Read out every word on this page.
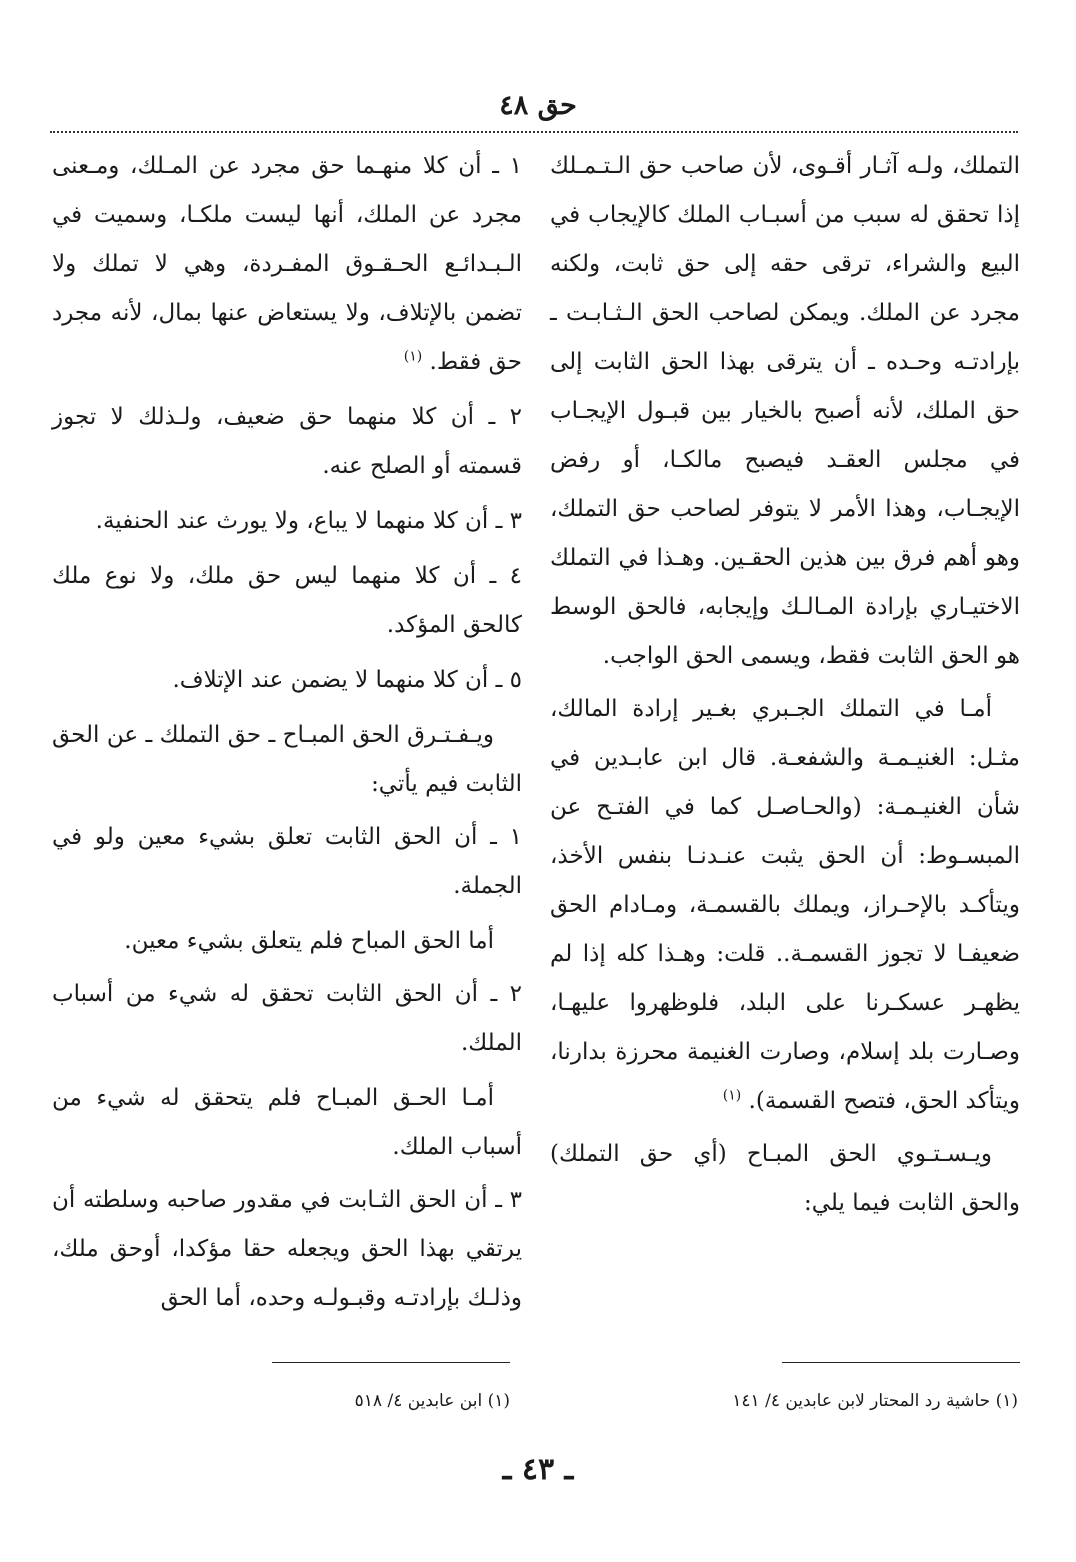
حق ٤٨

التملك، ولـه آثـار أقـوى، لأن صاحب حق الـتـمـلك إذا تحقق له سبب من أسبـاب الملك كالإيجاب في البيع والشراء، ترقى حقه إلى حق ثابت، ولكنه مجرد عن الملك. ويمكن لصاحب الحق الـثـابـت ـ بإرادتـه وحـده ـ أن يترقى بهذا الحق الثابت إلى حق الملك، لأنه أصبح بالخيار بين قبـول الإيجـاب في مجلس العقـد فيصبح مالكـا، أو رفض الإيجـاب، وهذا الأمر لا يتوفر لصاحب حق التملك، وهو أهم فرق بين هذين الحقـين. وهـذا في التملك الاختيـاري بإرادة المـالـك وإيجابه، فالحق الوسط هو الحق الثابت فقط، ويسمى الحق الواجب.

أمـا في التملك الجـبري بغـير إرادة المالك، مثـل: الغنيـمـة والشفعـة. قال ابن عابـدين في شأن الغنيـمـة: (والحـاصـل كما في الفتـح عن المبسـوط: أن الحق يثبت عنـدنـا بنفس الأخذ، ويتأكـد بالإحـراز، ويملك بالقسمـة، ومـادام الحق ضعيفـا لا تجوز القسمـة.. قلت: وهـذا كله إذا لم يظهـر عسكـرنا على البلد، فلوظهروا عليهـا، وصـارت بلد إسلام، وصارت الغنيمة محرزة بدارنا، ويتأكد الحق، فتصح القسمة). $^{(١)}$

ويـسـتـوي الحق المبـاح (أي حق التملك) والحق الثابت فيما يلي:

١ ـ أن كلا منهـما حق مجرد عن المـلك، ومـعنى مجرد عن الملك، أنها ليست ملكـا، وسميت في الـبـدائـع الحـقـوق المفـردة، وهي لا تملك ولا تضمن بالإتلاف، ولا يستعاض عنها بمال، لأنه مجرد حق فقط. $^{(١)}$

٢ ـ أن كلا منهما حق ضعيف، ولـذلك لا تجوز قسمته أو الصلح عنه.

٣ ـ أن كلا منهما لا يباع، ولا يورث عند الحنفية.

٤ ـ أن كلا منهما ليس حق ملك، ولا نوع ملك كالحق المؤكد.

٥ ـ أن كلا منهما لا يضمن عند الإتلاف.

ويـفـتـرق الحق المبـاح ـ حق التملك ـ عن الحق الثابت فيم يأتي:

١ ـ أن الحق الثابت تعلق بشيء معين ولو في الجملة.

أما الحق المباح فلم يتعلق بشيء معين.

٢ ـ أن الحق الثابت تحقق له شيء من أسباب الملك.

أمـا الحـق المبـاح فلم يتحقق له شيء من أسباب الملك.

٣ ـ أن الحق الثـابت في مقدور صاحبه وسلطته أن يرتقي بهذا الحق ويجعله حقا مؤكدا، أوحق ملك، وذلـك بإرادتـه وقبـولـه وحده، أما الحق

(١) حاشية رد المحتار لابن عابدين ٤/ ١٤١
(١) ابن عابدين ٤/ ٥١٨
ـ ٤٣ ـ
